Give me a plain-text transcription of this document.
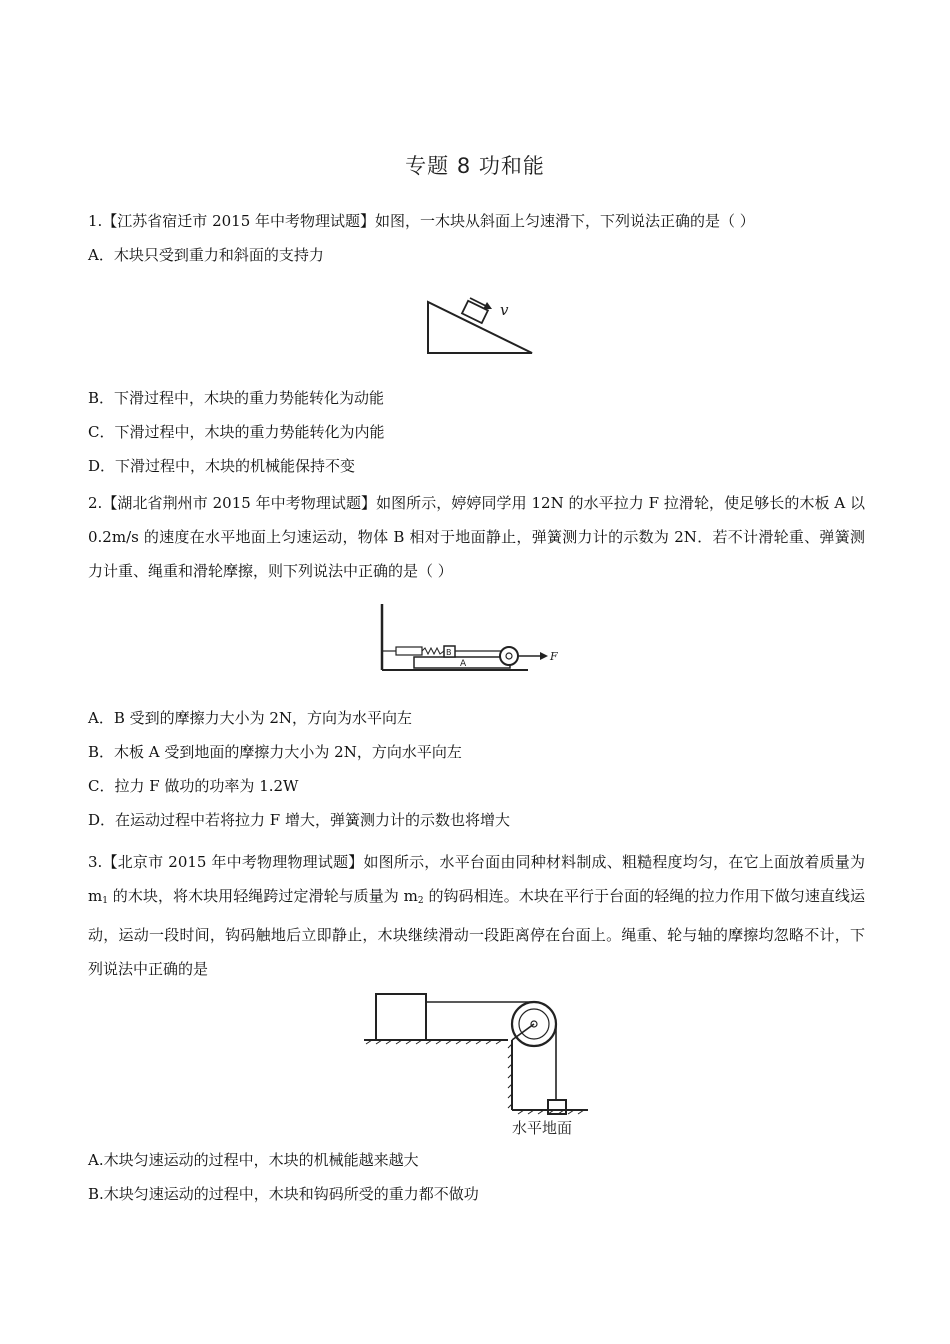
专题 8 功和能
1.【江苏省宿迁市 2015 年中考物理试题】如图，一木块从斜面上匀速滑下，下列说法正确的是（ ）
A．木块只受到重力和斜面的支持力
v
B．下滑过程中，木块的重力势能转化为动能
C．下滑过程中，木块的重力势能转化为内能
D．下滑过程中，木块的机械能保持不变
2.【湖北省荆州市 2015 年中考物理试题】如图所示，婷婷同学用 12N 的水平拉力 F 拉滑轮，使足够长的木板 A 以 0.2m/s 的速度在水平地面上匀速运动，物体 B 相对于地面静止，弹簧测力计的示数为 2N．若不计滑轮重、弹簧测力计重、绳重和滑轮摩擦，则下列说法中正确的是（ ）
A
B	F
A．B 受到的摩擦力大小为 2N，方向为水平向左
B．木板 A 受到地面的摩擦力大小为 2N，方向水平向左
C．拉力 F 做功的功率为 1.2W
D．在运动过程中若将拉力 F 增大，弹簧测力计的示数也将增大
3.【北京市 2015 年中考物理物理试题】如图所示，水平台面由同种材料制成、粗糙程度均匀，在它上面放着质量为 $m_1$ 的木块，将木块用轻绳跨过定滑轮与质量为 $m_2$ 的钩码相连。木块在平行于台面的轻绳的拉力作用下做匀速直线运动，运动一段时间，钩码触地后立即静止，木块继续滑动一段距离停在台面上。绳重、轮与轴的摩擦均忽略不计，下列说法中正确的是
水平地面
A.木块匀速运动的过程中，木块的机械能越来越大
B.木块匀速运动的过程中，木块和钩码所受的重力都不做功
